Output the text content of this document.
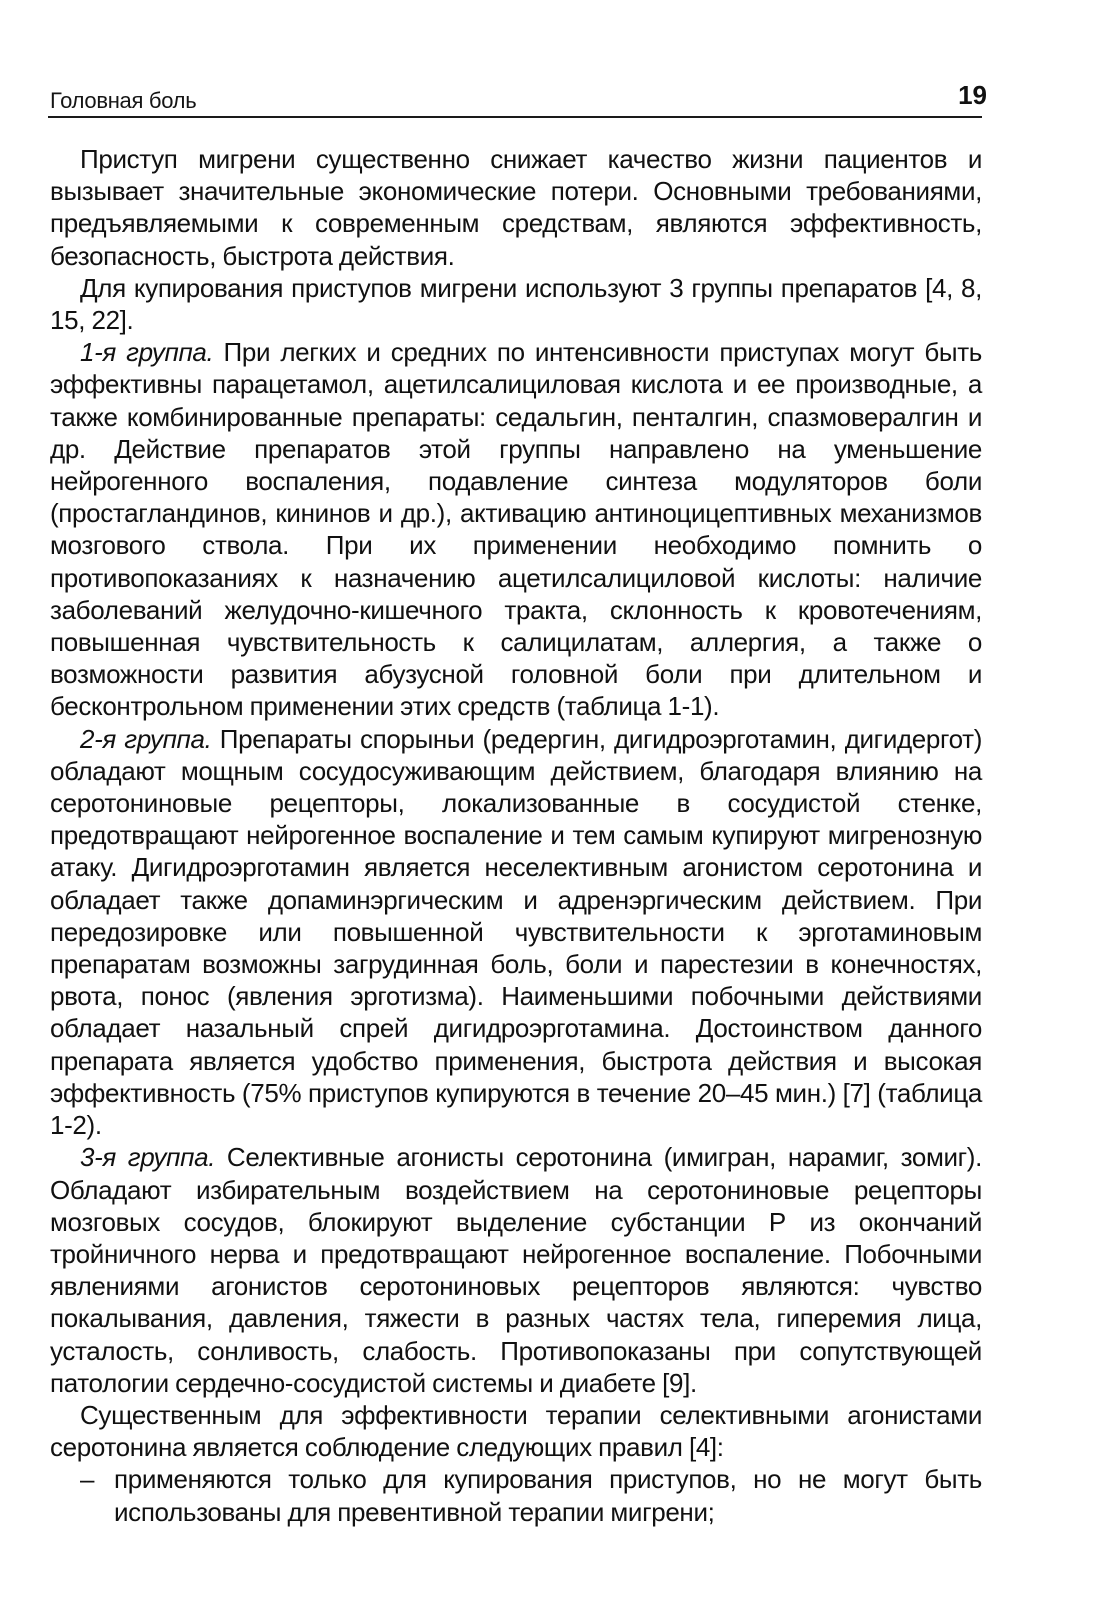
Головная боль	19

Приступ мигрени существенно снижает качество жизни пациентов и вызывает значительные экономические потери. Основными требованиями, предъявляемыми к современным средствам, являются эффективность, безопасность, быстрота действия.

Для купирования приступов мигрени используют 3 группы препаратов [4, 8, 15, 22].

1-я группа. При легких и средних по интенсивности приступах могут быть эффективны парацетамол, ацетилсалициловая кислота и ее производные, а также комбинированные препараты: седальгин, пенталгин, спазмовералгин и др. Действие препаратов этой группы направлено на уменьшение нейрогенного воспаления, подавление синтеза модуляторов боли (простагландинов, кининов и др.), активацию антиноцицептивных механизмов мозгового ствола. При их применении необходимо помнить о противопоказаниях к назначению ацетилсалициловой кислоты: наличие заболеваний желудочно-кишечного тракта, склонность к кровотечениям, повышенная чувствительность к салицилатам, аллергия, а также о возможности развития абузусной головной боли при длительном и бесконтрольном применении этих средств (таблица 1-1).

2-я группа. Препараты спорыньи (редергин, дигидроэрготамин, дигидергот) обладают мощным сосудосуживающим действием, благодаря влиянию на серотониновые рецепторы, локализованные в сосудистой стенке, предотвращают нейрогенное воспаление и тем самым купируют мигренозную атаку. Дигидроэрготамин является неселективным агонистом серотонина и обладает также допаминэргическим и адренэргическим действием. При передозировке или повышенной чувствительности к эрготаминовым препаратам возможны загрудинная боль, боли и парестезии в конечностях, рвота, понос (явления эрготизма). Наименьшими побочными действиями обладает назальный спрей дигидроэрготамина. Достоинством данного препарата является удобство применения, быстрота действия и высокая эффективность (75% приступов купируются в течение 20–45 мин.) [7] (таблица 1-2).

3-я группа. Селективные агонисты серотонина (имигран, нарамиг, зомиг). Обладают избирательным воздействием на серотониновые рецепторы мозговых сосудов, блокируют выделение субстанции Р из окончаний тройничного нерва и предотвращают нейрогенное воспаление. Побочными явлениями агонистов серотониновых рецепторов являются: чувство покалывания, давления, тяжести в разных частях тела, гиперемия лица, усталость, сонливость, слабость. Противопоказаны при сопутствующей патологии сердечно-сосудистой системы и диабете [9].

Существенным для эффективности терапии селективными агонистами серотонина является соблюдение следующих правил [4]:

– применяются только для купирования приступов, но не могут быть использованы для превентивной терапии мигрени;
